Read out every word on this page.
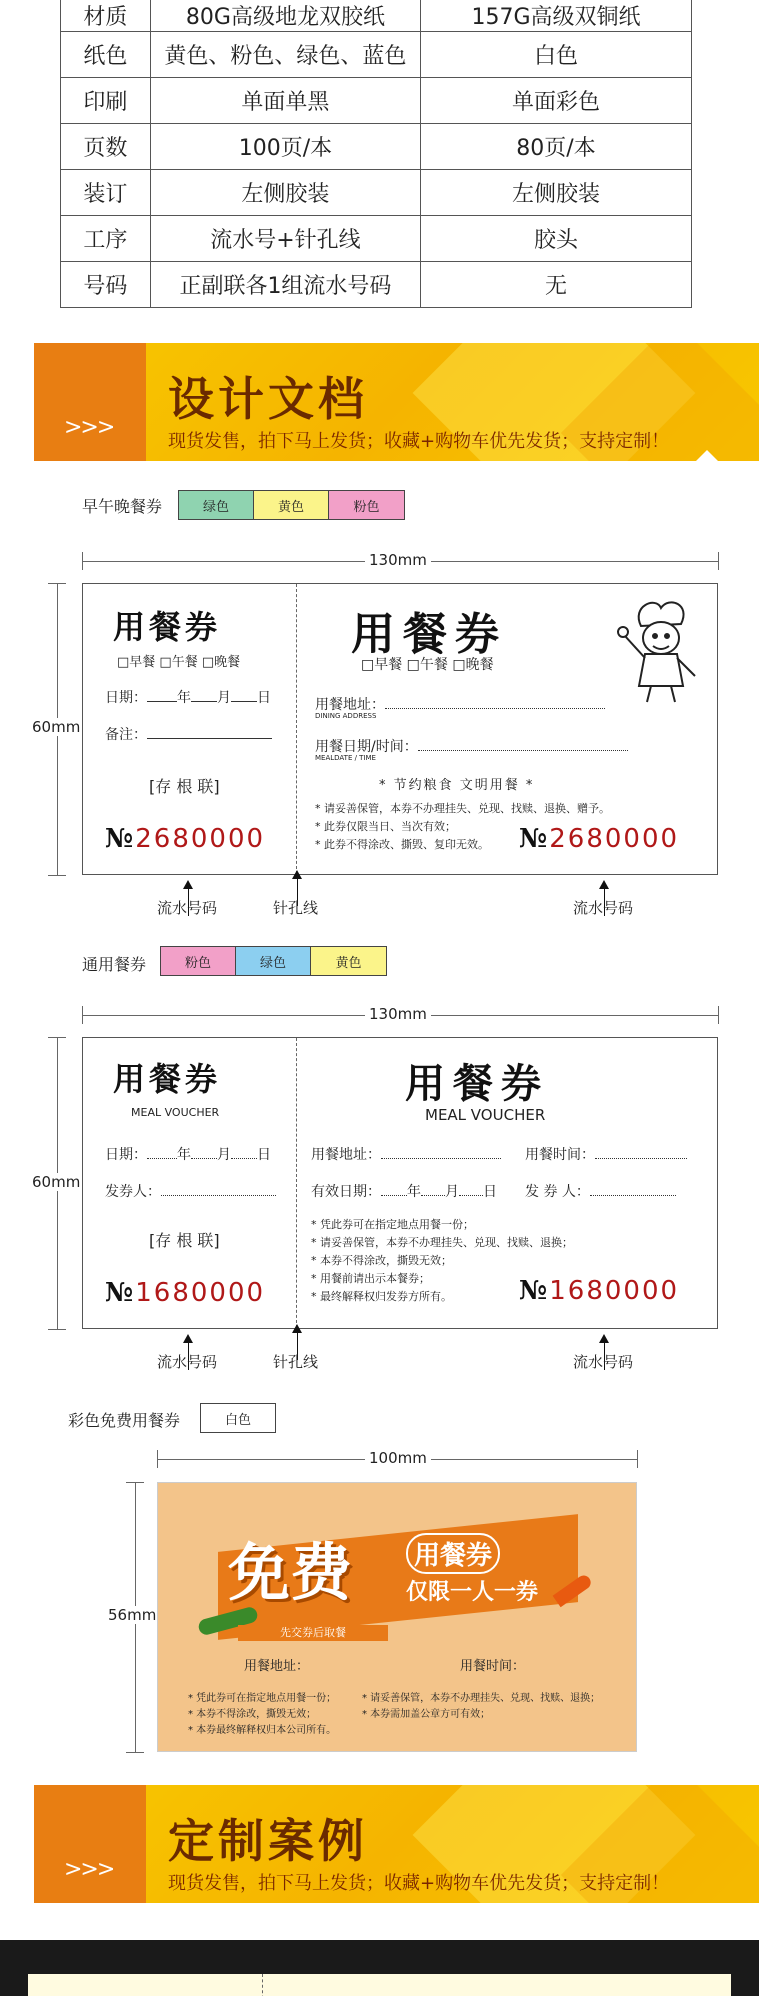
材质	80G高级地龙双胶纸	157G高级双铜纸
纸色	黄色、粉色、绿色、蓝色	白色
印刷	单面单黑	单面彩色
页数	100页/本	80页/本
装订	左侧胶装	左侧胶装
工序	流水号+针孔线	胶头
号码	正副联各1组流水号码	无
>>>
设计文档
现货发售，拍下马上发货；收藏+购物车优先发货；支持定制！
早午晚餐券	绿色	黄色	粉色
130mm
60mm
用餐券
□早餐 □午餐 □晚餐
日期： 年 月 日
备注：
[存 根 联]
№2680000
用餐券
□早餐 □午餐 □晚餐
用餐地址：
DINING ADDRESS
用餐日期/时间：
MEALDATE / TIME
* 节约粮食 文明用餐 *
* 请妥善保管，本券不办理挂失、兑现、找赎、退换、赠予。
* 此券仅限当日、当次有效；
* 此券不得涂改、撕毁、复印无效。 №2680000
流水号码	针孔线	流水号码
通用餐券	粉色	绿色	黄色
130mm
60mm
用餐券
MEAL VOUCHER
日期： 年 月 日
发券人：
[存 根 联]
№1680000
用餐券
MEAL VOUCHER
用餐地址：	用餐时间：
有效日期： 年 月 日 发 券 人：
* 凭此券可在指定地点用餐一份；
* 请妥善保管，本券不办理挂失、兑现、找赎、退换；
* 本券不得涂改，撕毁无效；
* 用餐前请出示本餐券；
* 最终解释权归发券方所有。	№1680000
流水号码	针孔线	流水号码
彩色免费用餐券	白色
100mm
56mm
免费	用餐券
仅限一人一券
先交券后取餐
用餐地址：	用餐时间：
* 凭此券可在指定地点用餐一份；
* 本券不得涂改，撕毁无效；
* 本券最终解释权归本公司所有。
* 请妥善保管，本券不办理挂失、兑现、找赎、退换；
* 本券需加盖公章方可有效；
>>>
定制案例
现货发售，拍下马上发货；收藏+购物车优先发货；支持定制！
